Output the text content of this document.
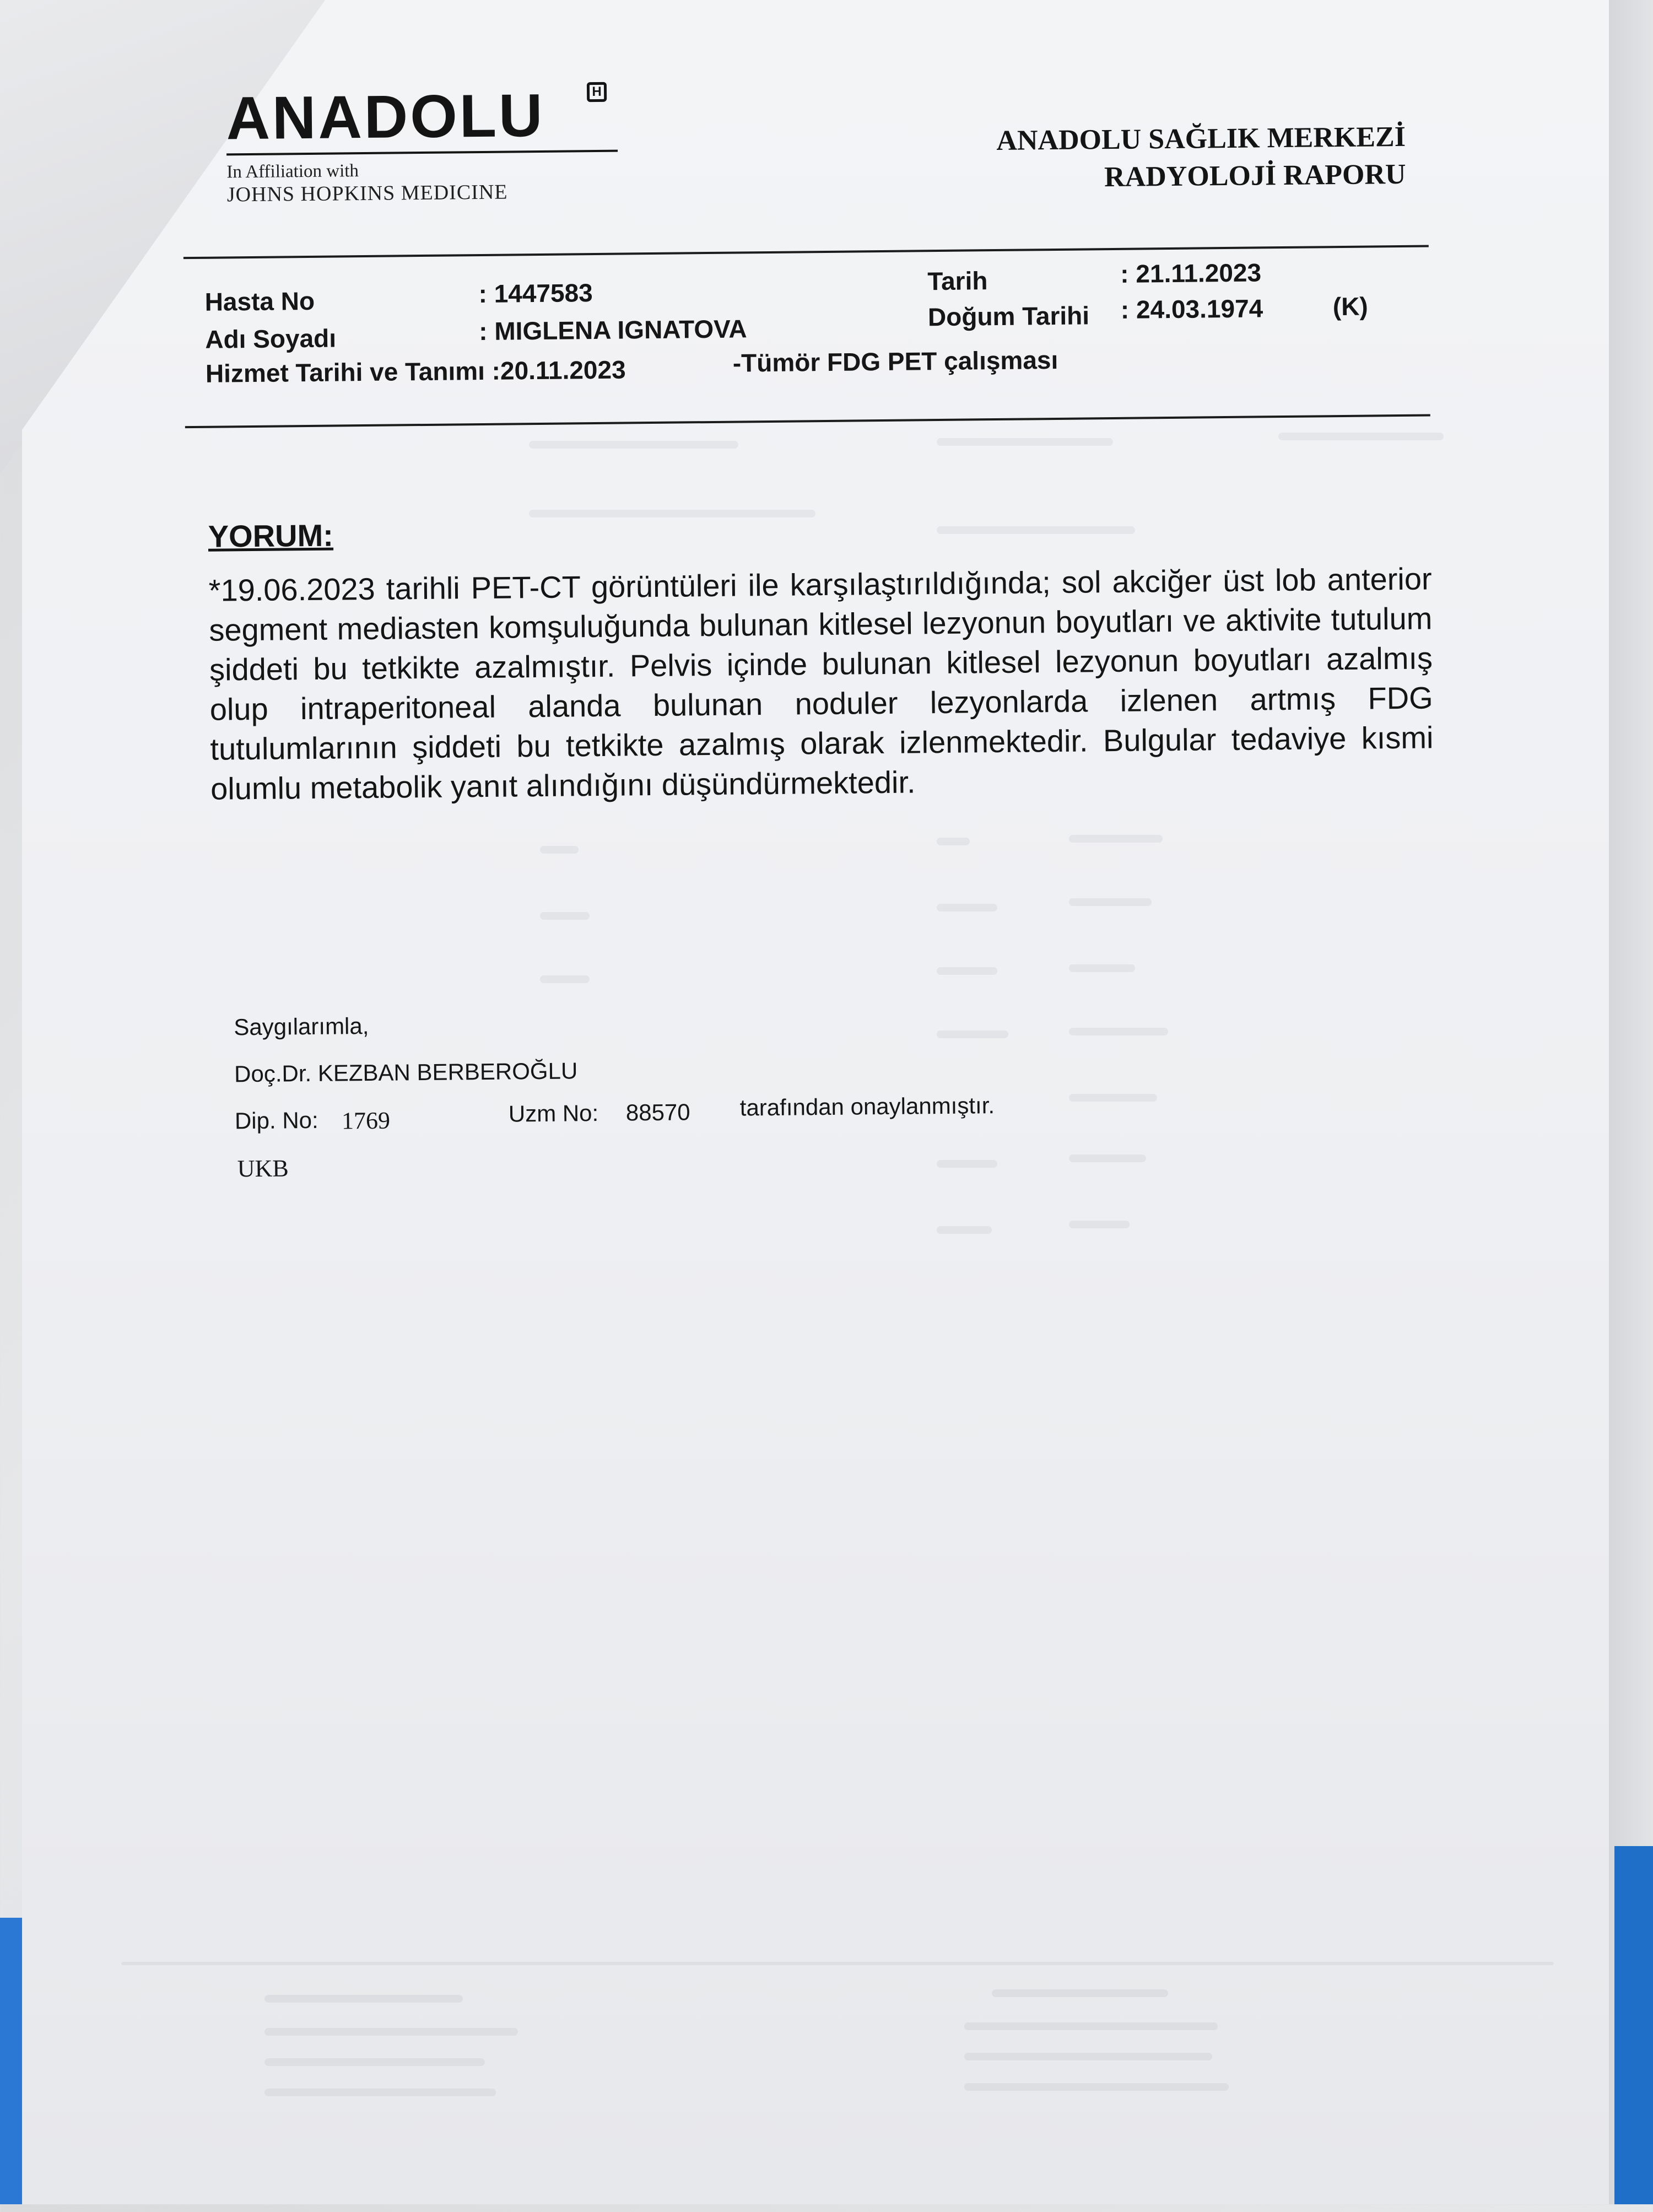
ANADOLU	H
In Affiliation with
JOHNS HOPKINS MEDICINE
ANADOLU SAĞLIK MERKEZİ
RADYOLOJİ RAPORU
Hasta No	: 1447583
Adı Soyadı	: MIGLENA IGNATOVA
Hizmet Tarihi ve Tanımı :20.11.2023	-Tümör FDG PET çalışması
Tarih	: 21.11.2023
Doğum Tarihi : 24.03.1974	(K)
YORUM:
*19.06.2023 tarihli PET-CT görüntüleri ile karşılaştırıldığında; sol akciğer üst lob anterior segment mediasten komşuluğunda bulunan kitlesel lezyonun boyutları ve aktivite tutulum şiddeti bu tetkikte azalmıştır. Pelvis içinde bulunan kitlesel lezyonun boyutları azalmış olup intraperitoneal alanda bulunan noduler lezyonlarda izlenen artmış FDG tutulumlarının şiddeti bu tetkikte azalmış olarak izlenmektedir. Bulgular tedaviye kısmi olumlu metabolik yanıt alındığını düşündürmektedir.
Saygılarımla,
Doç.Dr. KEZBAN BERBEROĞLU
Dip. No: 1769	Uzm No: 88570 tarafından onaylanmıştır.
UKB
